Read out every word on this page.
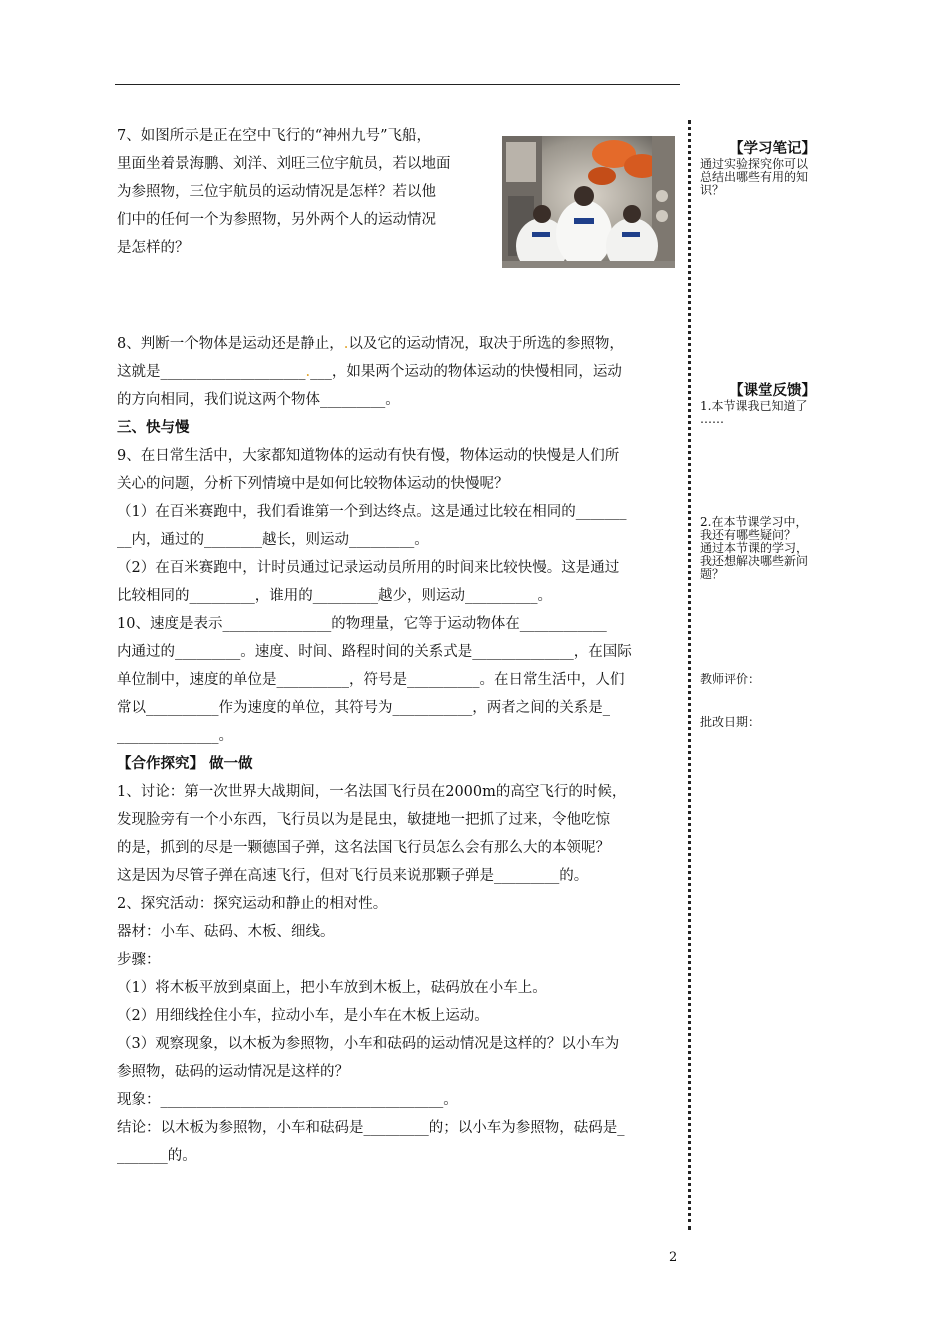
7、如图所示是正在空中飞行的“神州九号”飞船，

里面坐着景海鹏、刘洋、刘旺三位宇航员，若以地面

为参照物，三位宇航员的运动情况是怎样？若以他

们中的任何一个为参照物，另外两个人的运动情况

是怎样的？

8、判断一个物体是运动还是静止，.以及它的运动情况，取决于所选的参照物，

这就是____________________.___，如果两个运动的物体运动的快慢相同，运动

的方向相同，我们说这两个物体_________。

三、快与慢

9、在日常生活中，大家都知道物体的运动有快有慢，物体运动的快慢是人们所

关心的问题，分析下列情境中是如何比较物体运动的快慢呢？

（1）在百米赛跑中，我们看谁第一个到达终点。这是通过比较在相同的_______

__内，通过的________越长，则运动_________。

（2）在百米赛跑中，计时员通过记录运动员所用的时间来比较快慢。这是通过

比较相同的_________，谁用的_________越少，则运动__________。

10、速度是表示_______________的物理量，它等于运动物体在____________

内通过的_________。速度、时间、路程时间的关系式是______________，在国际

单位制中，速度的单位是__________，符号是__________。在日常生活中，人们

常以__________作为速度的单位，其符号为___________，两者之间的关系是_

______________。

【合作探究】 做一做

1、讨论：第一次世界大战期间，一名法国飞行员在2000m的高空飞行的时候，

发现脸旁有一个小东西，飞行员以为是昆虫，敏捷地一把抓了过来，令他吃惊

的是，抓到的尽是一颗德国子弹，这名法国飞行员怎么会有那么大的本领呢？

这是因为尽管子弹在高速飞行，但对飞行员来说那颗子弹是_________的。

2、探究活动：探究运动和静止的相对性。

器材：小车、砝码、木板、细线。

步骤：

（1）将木板平放到桌面上，把小车放到木板上，砝码放在小车上。

（2）用细线拴住小车，拉动小车，是小车在木板上运动。

（3）观察现象，以木板为参照物，小车和砝码的运动情况是这样的？以小车为

参照物，砝码的运动情况是这样的？

现象：_______________________________________。

结论：以木板为参照物，小车和砝码是_________的；以小车为参照物，砝码是_

_______的。

【学习笔记】
通过实验探究你可以
总结出哪些有用的知
识？
【课堂反馈】
1.本节课我已知道了
……
2.在本节课学习中，
我还有哪些疑问？
通过本节课的学习，
我还想解决哪些新问
题？
教师评价：
批改日期：
2
